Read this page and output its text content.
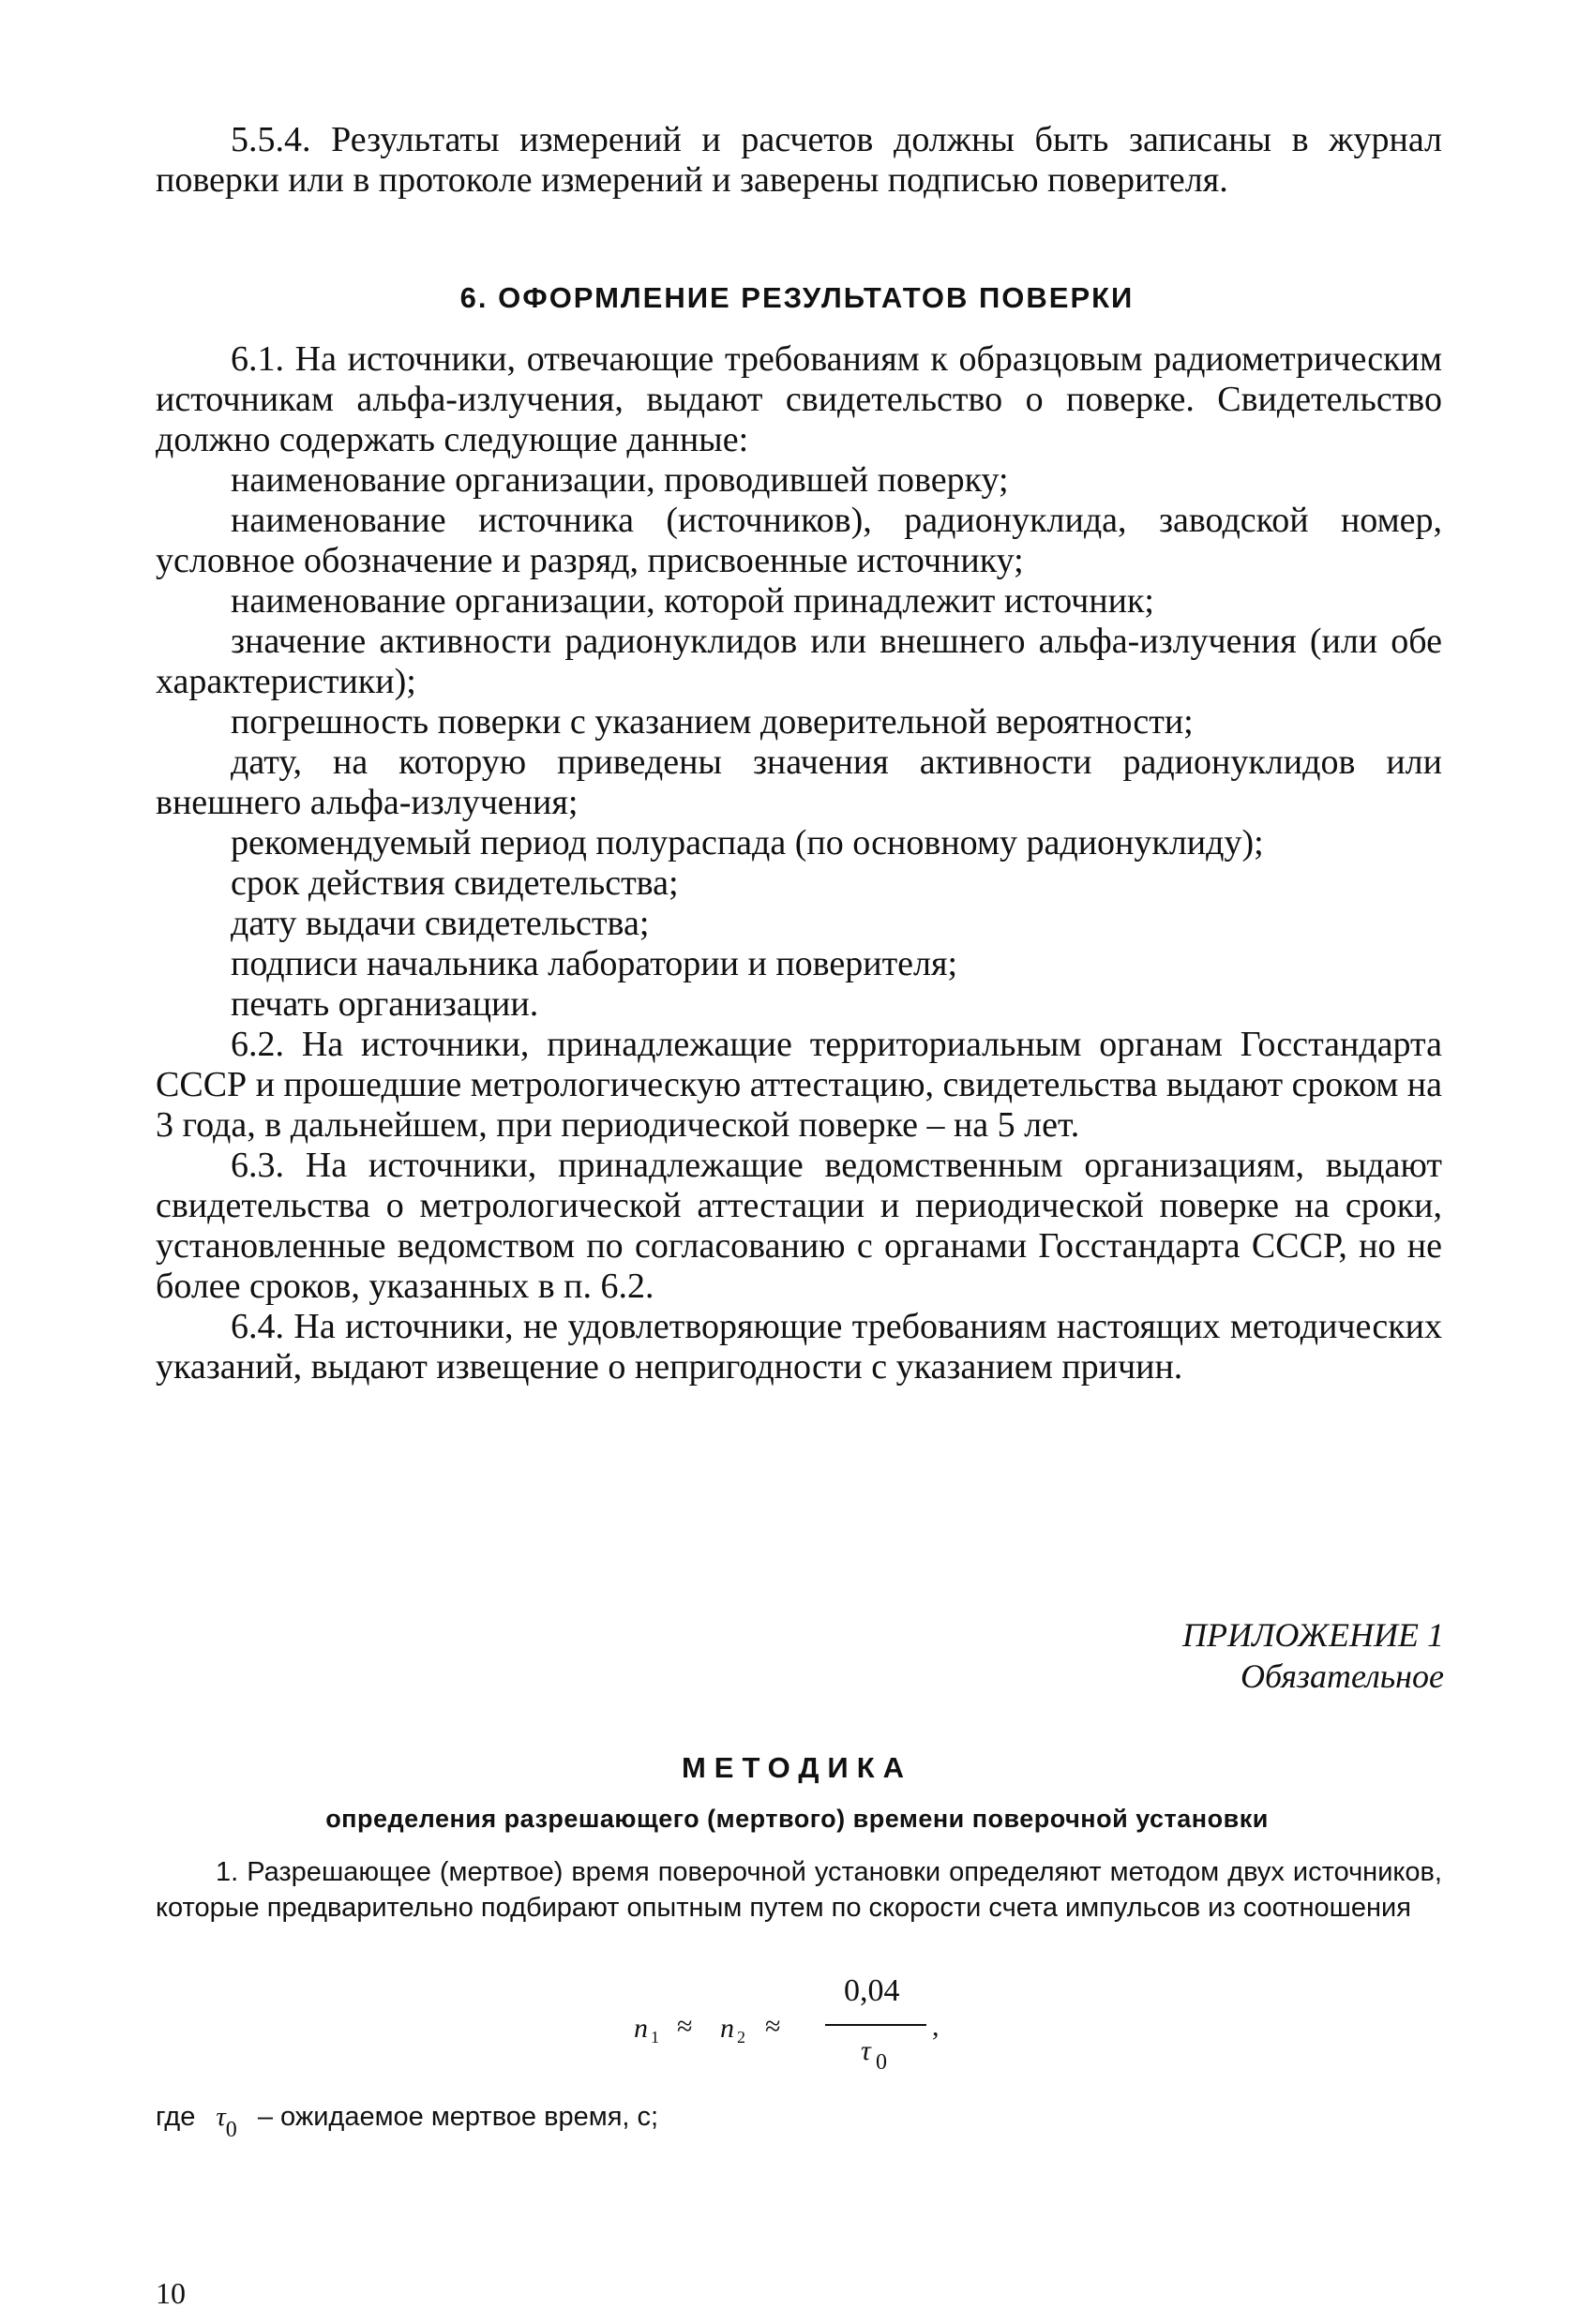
5.5.4. Результаты измерений и расчетов должны быть записаны в журнал поверки или в протоколе измерений и заверены подписью поверителя.

6. ОФОРМЛЕНИЕ РЕЗУЛЬТАТОВ ПОВЕРКИ

6.1. На источники, отвечающие требованиям к образцовым радиометрическим источникам альфа-излучения, выдают свидетельство о поверке. Свидетельство должно содержать следующие данные:

наименование организации, проводившей поверку;

наименование источника (источников), радионуклида, заводской номер, условное обозначение и разряд, присвоенные источнику;

наименование организации, которой принадлежит источник;

значение активности радионуклидов или внешнего альфа-излучения (или обе характеристики);

погрешность поверки с указанием доверительной вероятности;

дату, на которую приведены значения активности радионуклидов или внешнего альфа-излучения;

рекомендуемый период полураспада (по основному радионуклиду);

срок действия свидетельства;

дату выдачи свидетельства;

подписи начальника лаборатории и поверителя;

печать организации.

6.2. На источники, принадлежащие территориальным органам Госстандарта СССР и прошедшие метрологическую аттестацию, свидетельства выдают сроком на 3 года, в дальнейшем, при периодической поверке – на 5 лет.

6.3. На источники, принадлежащие ведомственным организациям, выдают свидетельства о метрологической аттестации и периодической поверке на сроки, установленные ведомством по согласованию с органами Госстандарта СССР, но не более сроков, указанных в п. 6.2.

6.4. На источники, не удовлетворяющие требованиям настоящих методических указаний, выдают извещение о непригодности с указанием причин.

ПРИЛОЖЕНИЕ 1
Обязательное
МЕТОДИКА
определения разрешающего (мертвого) времени поверочной установки

1. Разрешающее (мертвое) время поверочной установки определяют методом двух источников, которые предварительно подбирают опытным путем по скорости счета импульсов из соотношения

n 1 ≈ n 2 ≈
0,04
τ 0
,
где $\tau_0$ – ожидаемое мертвое время, с;
10
